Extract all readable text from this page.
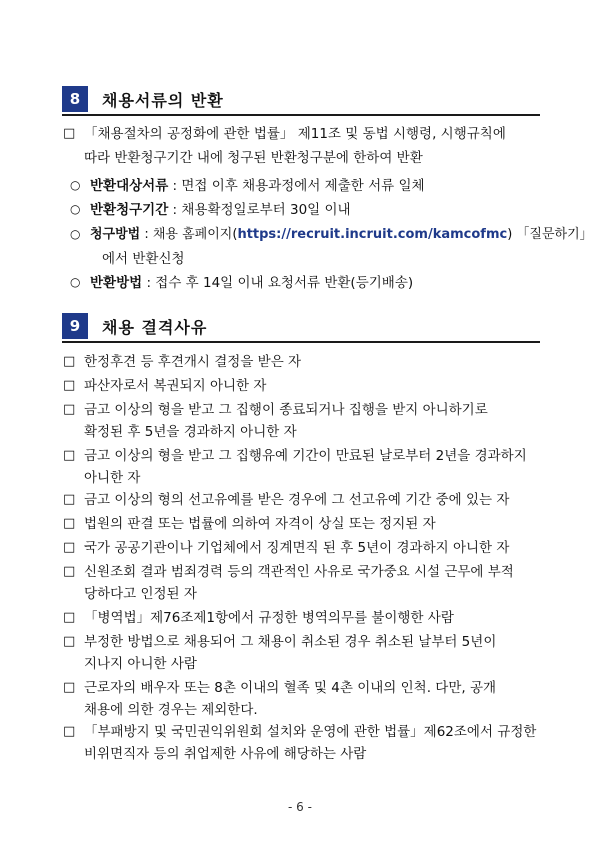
8	채용서류의 반환
□ 「채용절차의 공정화에 관한 법률」 제11조 및 동법 시행령, 시행규칙에
따라 반환청구기간 내에 청구된 반환청구분에 한하여 반환
○ 반환대상서류 : 면접 이후 채용과정에서 제출한 서류 일체
○ 반환청구기간 : 채용확정일로부터 30일 이내
○ 청구방법 : 채용 홈페이지(https://recruit.incruit.com/kamcofmc) 「질문하기」
에서 반환신청
○ 반환방법 : 접수 후 14일 이내 요청서류 반환(등기배송)
9	채용 결격사유
□ 한정후견 등 후견개시 결정을 받은 자
□ 파산자로서 복권되지 아니한 자
□ 금고 이상의 형을 받고 그 집행이 종료되거나 집행을 받지 아니하기로
확정된 후 5년을 경과하지 아니한 자
□ 금고 이상의 형을 받고 그 집행유예 기간이 만료된 날로부터 2년을 경과하지
아니한 자
□ 금고 이상의 형의 선고유예를 받은 경우에 그 선고유예 기간 중에 있는 자
□ 법원의 판결 또는 법률에 의하여 자격이 상실 또는 정지된 자
□ 국가 공공기관이나 기업체에서 징계면직 된 후 5년이 경과하지 아니한 자
□ 신원조회 결과 범죄경력 등의 객관적인 사유로 국가중요 시설 근무에 부적
당하다고 인정된 자
□ 「병역법」제76조제1항에서 규정한 병역의무를 불이행한 사람
□ 부정한 방법으로 채용되어 그 채용이 취소된 경우 취소된 날부터 5년이
지나지 아니한 사람
□ 근로자의 배우자 또는 8촌 이내의 혈족 및 4촌 이내의 인척. 다만, 공개
채용에 의한 경우는 제외한다.
□ 「부패방지 및 국민권익위원회 설치와 운영에 관한 법률」제62조에서 규정한
비위면직자 등의 취업제한 사유에 해당하는 사람
- 6 -
